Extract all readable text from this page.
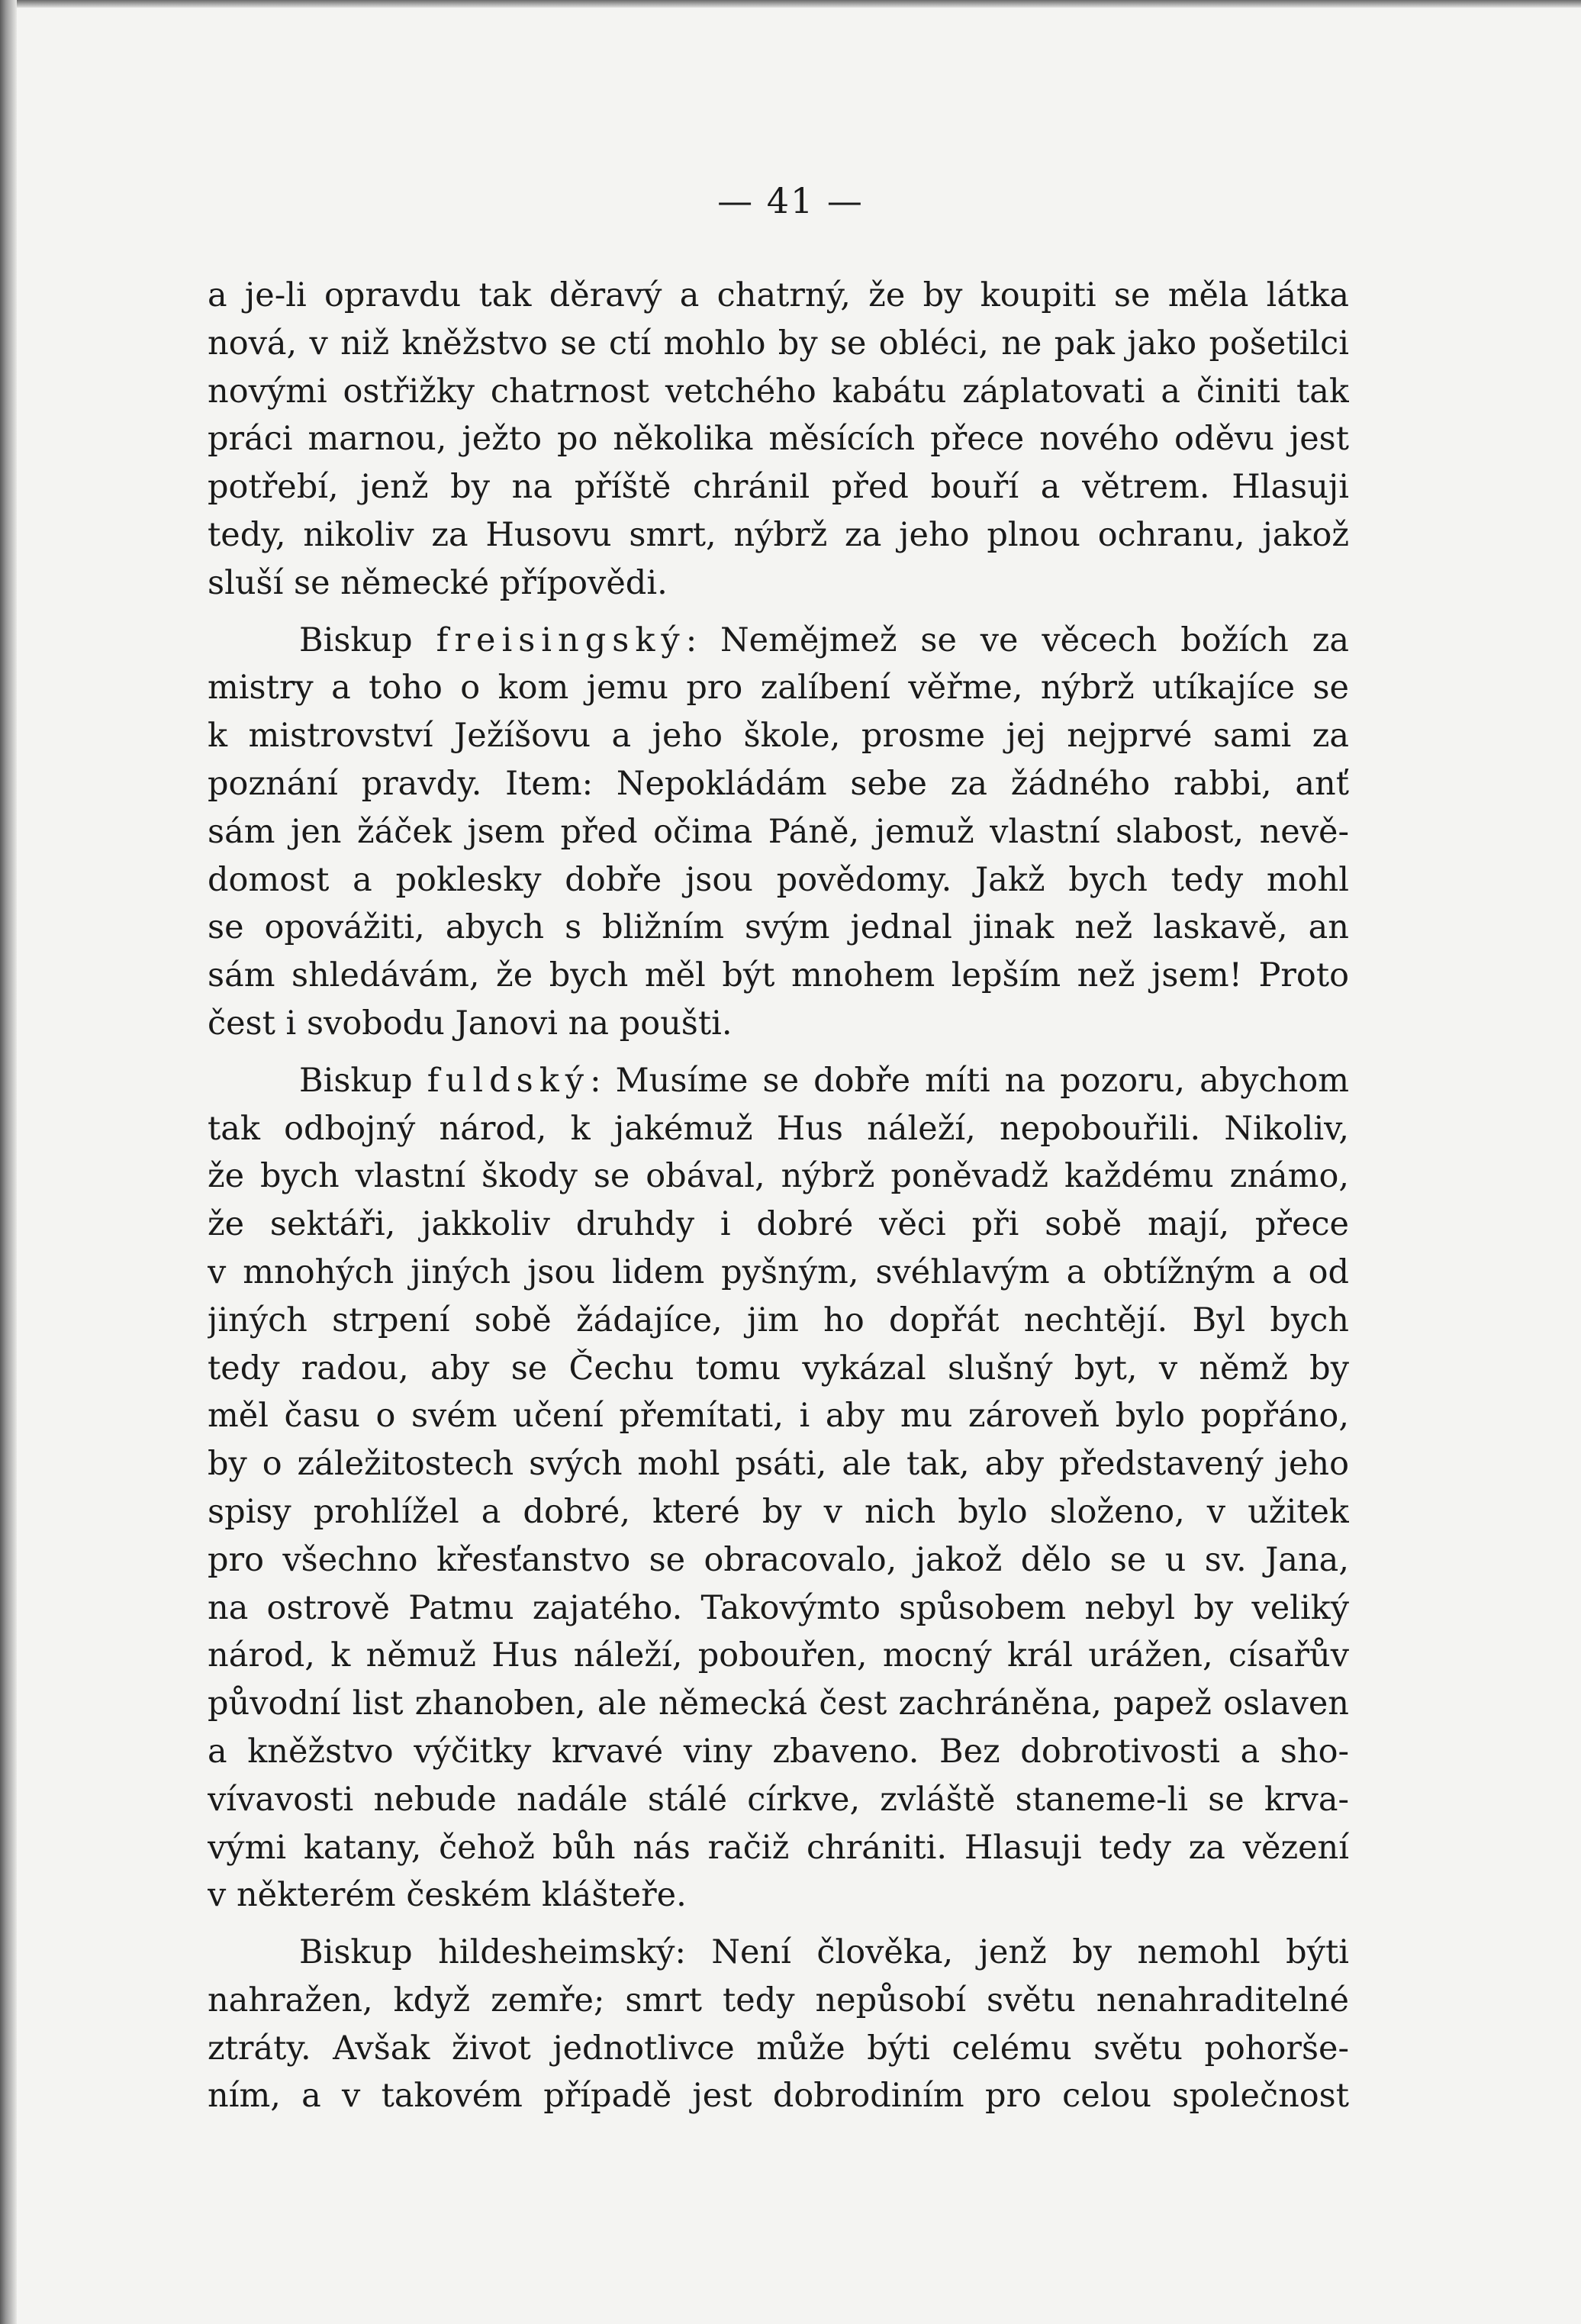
— 41 —
a je-li opravdu tak děravý a chatrný, že by koupiti se měla látka
nová, v niž kněžstvo se ctí mohlo by se obléci, ne pak jako pošetilci
novými ostřižky chatrnost vetchého kabátu záplatovati a činiti tak
práci marnou, ježto po několika měsících přece nového oděvu jest
potřebí, jenž by na příště chránil před bouří a větrem. Hlasuji
tedy, nikoliv za Husovu smrt, nýbrž za jeho plnou ochranu, jakož
sluší se německé přípovědi.
Biskup freisingský: Nemějmež se ve věcech božích za
mistry a toho o kom jemu pro zalíbení věřme, nýbrž utíkajíce se
k mistrovství Ježíšovu a jeho škole, prosme jej nejprvé sami za
poznání pravdy. Item: Nepokládám sebe za žádného rabbi, anť
sám jen žáček jsem před očima Páně, jemuž vlastní slabost, nevě-
domost a poklesky dobře jsou povědomy. Jakž bych tedy mohl
se opovážiti, abych s bližním svým jednal jinak než laskavě, an
sám shledávám, že bych měl být mnohem lepším než jsem! Proto
čest i svobodu Janovi na poušti.
Biskup fuldský: Musíme se dobře míti na pozoru, abychom
tak odbojný národ, k jakémuž Hus náleží, nepobouřili. Nikoliv,
že bych vlastní škody se obával, nýbrž poněvadž každému známo,
že sektáři, jakkoliv druhdy i dobré věci při sobě mají, přece
v mnohých jiných jsou lidem pyšným, svéhlavým a obtížným a od
jiných strpení sobě žádajíce, jim ho dopřát nechtějí. Byl bych
tedy radou, aby se Čechu tomu vykázal slušný byt, v němž by
měl času o svém učení přemítati, i aby mu zároveň bylo popřáno,
by o záležitostech svých mohl psáti, ale tak, aby představený jeho
spisy prohlížel a dobré, které by v nich bylo složeno, v užitek
pro všechno křesťanstvo se obracovalo, jakož dělo se u sv. Jana,
na ostrově Patmu zajatého. Takovýmto spůsobem nebyl by veliký
národ, k němuž Hus náleží, pobouřen, mocný král urážen, císařův
původní list zhanoben, ale německá čest zachráněna, papež oslaven
a kněžstvo výčitky krvavé viny zbaveno. Bez dobrotivosti a sho-
vívavosti nebude nadále stálé církve, zvláště staneme-li se krva-
vými katany, čehož bůh nás račiž chrániti. Hlasuji tedy za vězení
v některém českém klášteře.
Biskup hildesheimský: Není člověka, jenž by nemohl býti
nahražen, když zemře; smrt tedy nepůsobí světu nenahraditelné
ztráty. Avšak život jednotlivce může býti celému světu pohorše-
ním, a v takovém případě jest dobrodiním pro celou společnost
